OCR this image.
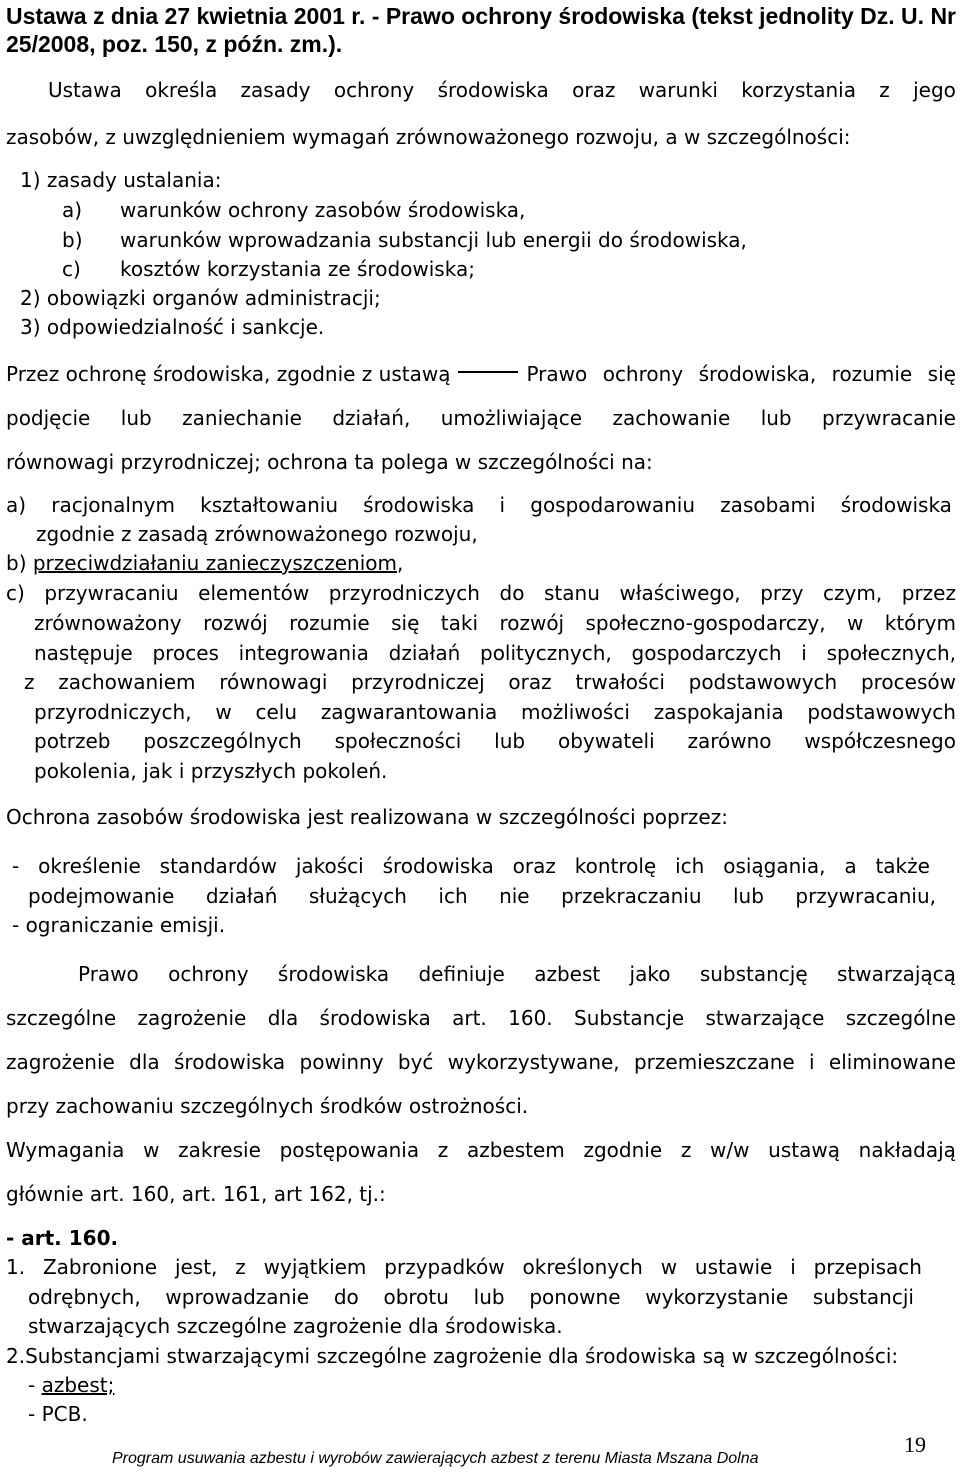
Ustawa z dnia 27 kwietnia 2001 r. - Prawo ochrony środowiska (tekst jednolity Dz. U. Nr 25/2008, poz. 150, z późn. zm.).
Ustawa określa zasady ochrony środowiska oraz warunki korzystania z jego
zasobów, z uwzględnieniem wymagań zrównoważonego rozwoju, a w szczególności:
1) zasady ustalania:
a) warunków ochrony zasobów środowiska,
b) warunków wprowadzania substancji lub energii do środowiska,
c) kosztów korzystania ze środowiska;
2) obowiązki organów administracji;
3) odpowiedzialność i sankcje.
Przez ochronę środowiska, zgodnie z ustawą	Prawo ochrony środowiska, rozumie się
podjęcie lub zaniechanie działań, umożliwiające zachowanie lub przywracanie
równowagi przyrodniczej; ochrona ta polega w szczególności na:
a) racjonalnym kształtowaniu środowiska i gospodarowaniu zasobami środowiska
zgodnie z zasadą zrównoważonego rozwoju,
b) przeciwdziałaniu zanieczyszczeniom,
c) przywracaniu elementów przyrodniczych do stanu właściwego, przy czym, przez
zrównoważony rozwój rozumie się taki rozwój społeczno-gospodarczy, w którym
następuje proces integrowania działań politycznych, gospodarczych i społecznych,
z zachowaniem równowagi przyrodniczej oraz trwałości podstawowych procesów
przyrodniczych, w celu zagwarantowania możliwości zaspokajania podstawowych
potrzeb poszczególnych społeczności lub obywateli zarówno współczesnego
pokolenia, jak i przyszłych pokoleń.
Ochrona zasobów środowiska jest realizowana w szczególności poprzez:
- określenie standardów jakości środowiska oraz kontrolę ich osiągania, a także
podejmowanie działań służących ich nie przekraczaniu lub przywracaniu,
- ograniczanie emisji.
Prawo ochrony środowiska definiuje azbest jako substancję stwarzającą
szczególne zagrożenie dla środowiska art. 160. Substancje stwarzające szczególne
zagrożenie dla środowiska powinny być wykorzystywane, przemieszczane i eliminowane
przy zachowaniu szczególnych środków ostrożności.
Wymagania w zakresie postępowania z azbestem zgodnie z w/w ustawą nakładają
głównie art. 160, art. 161, art 162, tj.:
- art. 160.
1. Zabronione jest, z wyjątkiem przypadków określonych w ustawie i przepisach
odrębnych, wprowadzanie do obrotu lub ponowne wykorzystanie substancji
stwarzających szczególne zagrożenie dla środowiska.
2.Substancjami stwarzającymi szczególne zagrożenie dla środowiska są w szczególności:
- azbest;
- PCB.
Program usuwania azbestu i wyrobów zawierających azbest z terenu Miasta Mszana Dolna
19
